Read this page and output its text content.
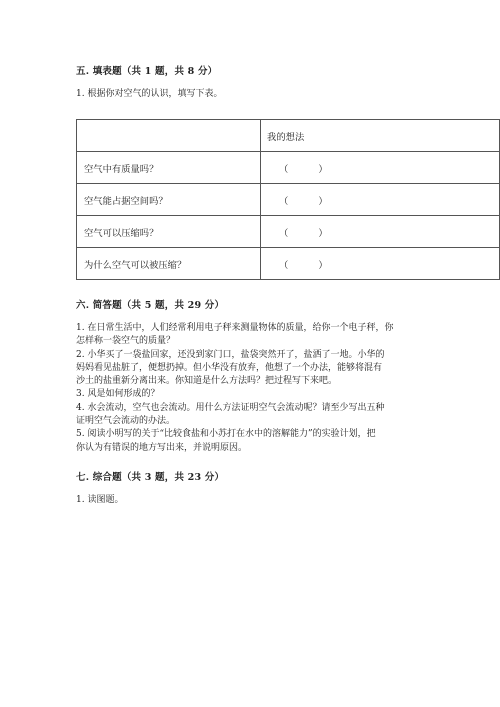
五. 填表题（共 1 题，共 8 分）
1. 根据你对空气的认识，填写下表。
	我的想法
空气中有质量吗？	（ ）
空气能占据空间吗？	（ ）
空气可以压缩吗？	（ ）
为什么空气可以被压缩？	（ ）
六. 简答题（共 5 题，共 29 分）
1. 在日常生活中，人们经常利用电子秤来测量物体的质量，给你一个电子秤，你
怎样称一袋空气的质量？
2. 小华买了一袋盐回家，还没到家门口，盐袋突然开了，盐洒了一地。小华的
妈妈看见盐脏了，便想扔掉。但小华没有放弃，他想了一个办法，能够将混有
沙土的盐重新分离出来。你知道是什么方法吗？把过程写下来吧。
3. 风是如何形成的？
4. 水会流动，空气也会流动。用什么方法证明空气会流动呢？请至少写出五种
证明空气会流动的办法。
5. 阅读小明写的关于“比较食盐和小苏打在水中的溶解能力”的实验计划，把
你认为有错误的地方写出来，并说明原因。
七. 综合题（共 3 题，共 23 分）
1. 读图题。
